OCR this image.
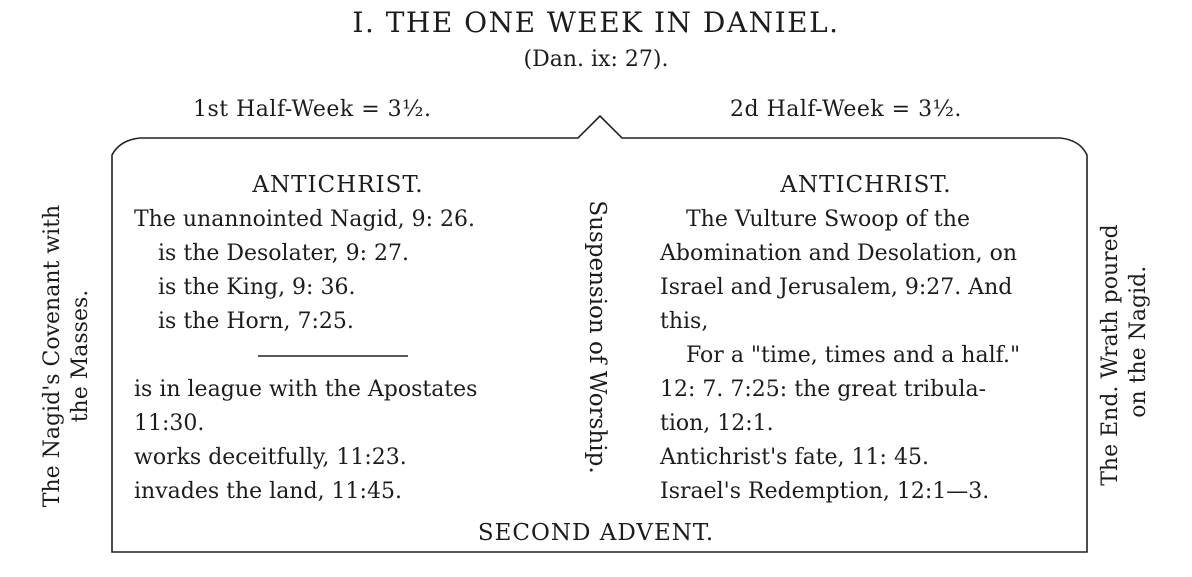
I. THE ONE WEEK IN DANIEL.
(Dan. ix: 27).
1st Half-Week = 3½.	2d Half-Week = 3½.
The Nagid's Covenant with the Masses.	Suspension of Worship.	The End. Wrath poured on the Nagid.
ANTICHRIST.
The unannointed Nagid, 9: 26.
is the Desolater, 9: 27.
is the King, 9: 36.
is the Horn, 7:25.
is in league with the Apostates
11:30.
works deceitfully, 11:23.
invades the land, 11:45.
ANTICHRIST.
The Vulture Swoop of the
Abomination and Desolation, on
Israel and Jerusalem, 9:27. And
this,
For a "time, times and a half."
12: 7. 7:25: the great tribula-
tion, 12:1.
Antichrist's fate, 11: 45.
Israel's Redemption, 12:1—3.
SECOND ADVENT.
